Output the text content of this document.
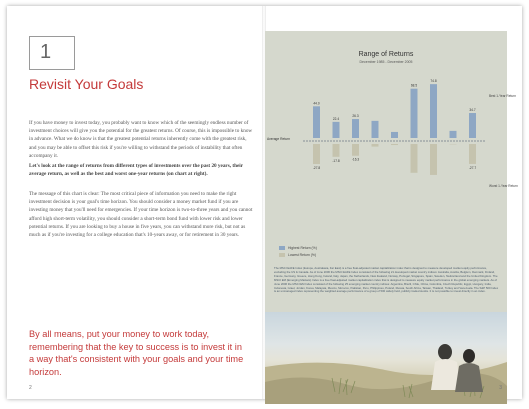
1
Revisit Your Goals

If you have money to invest today, you probably want to know which of the seemingly endless number of investment choices will give you the potential for the greatest returns. Of course, this is impossible to know in advance. What we do know is that the greatest potential returns inherently come with the greatest risk, and you may be able to offset this risk if you're willing to withstand the periods of instability that often accompany it.

Let's look at the range of returns from different types of investments over the past 20 years, their average return, as well as the best and worst one-year returns (on chart at right).

The message of this chart is clear: The most critical piece of information you need to make the right investment decision is your goal's time horizon. You should consider a money market fund if you are investing money that you'll need for emergencies. If your time horizon is two-to-three years and you cannot afford high short-term volatility, you should consider a short-term bond fund with lower risk and lower potential returns. If you are looking to buy a house in five years, you can withstand more risk, but not as much as if you're investing for a college education that's 10-years away, or for retirement in 30 years.

By all means, put your money to work today, remembering that the key to success is to invest it in a way that's consistent with your goals and your time horizon.

2
Range of Returns
December 1985 - December 2005
Average Return
Best 1-Year Return
Worst 1-Year Return
44.0
-27.8
22.4
-17.8
26.3
-16.3
68.5
74.8
34.7
-27.7
Highest Return (%)
Lowest Return (%)
The MSCI EAFE Index (Europe, Australasia, Far East) is a free float-adjusted market capitalization index that is designed to measure developed market equity performance, excluding the US & Canada. As of June 2006 the MSCI EAFE Index consisted of the following 21 developed market country indices: Australia, Austria, Belgium, Denmark, Finland, France, Germany, Greece, Hong Kong, Ireland, Italy, Japan, the Netherlands, New Zealand, Norway, Portugal, Singapore, Spain, Sweden, Switzerland and the United Kingdom. The MSCI EM (Emerging Markets) Index is a free float-adjusted market capitalization index that is designed to measure equity market performance in the global emerging markets. As of June 2006 the MSCI EM Index consisted of the following 25 emerging market country indices: Argentina, Brazil, Chile, China, Colombia, Czech Republic, Egypt, Hungary, India, Indonesia, Israel, Jordan, Korea, Malaysia, Mexico, Morocco, Pakistan, Peru, Philippines, Poland, Russia, South Africa, Taiwan, Thailand, Turkey and Venezuela. The S&P 500 Index is an unmanaged index representing the weighted average performance of a group of 500 widely held, publicly traded stocks. It is not possible to invest directly in an index.
3
